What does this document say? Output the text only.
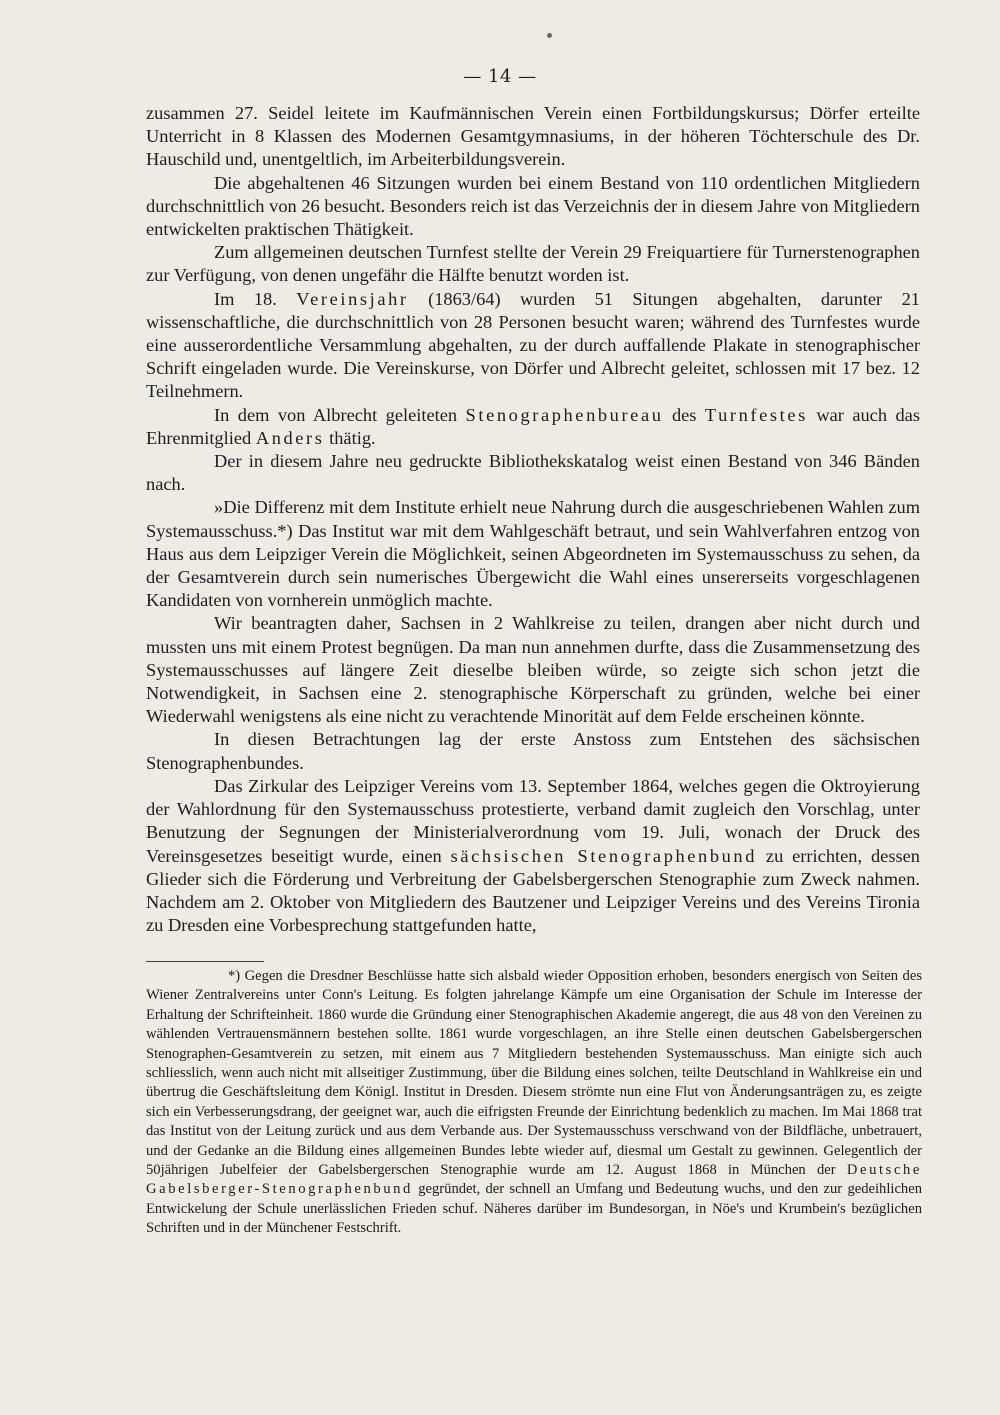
— 14 —

zusammen 27. Seidel leitete im Kaufmännischen Verein einen Fortbildungskursus; Dörfer erteilte Unterricht in 8 Klassen des Modernen Gesamtgymnasiums, in der höheren Töchterschule des Dr. Hauschild und, unentgeltlich, im Arbeiterbildungsverein.

Die abgehaltenen 46 Sitzungen wurden bei einem Bestand von 110 ordentlichen Mitgliedern durchschnittlich von 26 besucht. Besonders reich ist das Verzeichnis der in diesem Jahre von Mitgliedern entwickelten praktischen Thätigkeit.

Zum allgemeinen deutschen Turnfest stellte der Verein 29 Freiquartiere für Turnerstenographen zur Verfügung, von denen ungefähr die Hälfte benutzt worden ist.

Im 18. Vereinsjahr (1863/64) wurden 51 Situngen abgehalten, darunter 21 wissenschaftliche, die durchschnittlich von 28 Personen besucht waren; während des Turnfestes wurde eine ausserordentliche Versammlung abgehalten, zu der durch auffallende Plakate in stenographischer Schrift eingeladen wurde. Die Vereinskurse, von Dörfer und Albrecht geleitet, schlossen mit 17 bez. 12 Teilnehmern.

In dem von Albrecht geleiteten Stenographenbureau des Turnfestes war auch das Ehrenmitglied Anders thätig.

Der in diesem Jahre neu gedruckte Bibliothekskatalog weist einen Bestand von 346 Bänden nach.

»Die Differenz mit dem Institute erhielt neue Nahrung durch die ausgeschriebenen Wahlen zum Systemausschuss.*) Das Institut war mit dem Wahlgeschäft betraut, und sein Wahlverfahren entzog von Haus aus dem Leipziger Verein die Möglichkeit, seinen Abgeordneten im Systemausschuss zu sehen, da der Gesamtverein durch sein numerisches Übergewicht die Wahl eines unsererseits vorgeschlagenen Kandidaten von vornherein unmöglich machte.

Wir beantragten daher, Sachsen in 2 Wahlkreise zu teilen, drangen aber nicht durch und mussten uns mit einem Protest begnügen. Da man nun annehmen durfte, dass die Zusammensetzung des Systemausschusses auf längere Zeit dieselbe bleiben würde, so zeigte sich schon jetzt die Notwendigkeit, in Sachsen eine 2. stenographische Körperschaft zu gründen, welche bei einer Wiederwahl wenigstens als eine nicht zu verachtende Minorität auf dem Felde erscheinen könnte.

In diesen Betrachtungen lag der erste Anstoss zum Entstehen des sächsischen Stenographenbundes.

Das Zirkular des Leipziger Vereins vom 13. September 1864, welches gegen die Oktroyierung der Wahlordnung für den Systemausschuss protestierte, verband damit zugleich den Vorschlag, unter Benutzung der Segnungen der Ministerialverordnung vom 19. Juli, wonach der Druck des Vereinsgesetzes beseitigt wurde, einen sächsischen Stenographenbund zu errichten, dessen Glieder sich die Förderung und Verbreitung der Gabelsbergerschen Stenographie zum Zweck nahmen. Nachdem am 2. Oktober von Mitgliedern des Bautzener und Leipziger Vereins und des Vereins Tironia zu Dresden eine Vorbesprechung stattgefunden hatte,

*) Gegen die Dresdner Beschlüsse hatte sich alsbald wieder Opposition erhoben, besonders energisch von Seiten des Wiener Zentralvereins unter Conn's Leitung. Es folgten jahrelange Kämpfe um eine Organisation der Schule im Interesse der Erhaltung der Schrifteinheit. 1860 wurde die Gründung einer Stenographischen Akademie angeregt, die aus 48 von den Vereinen zu wählenden Vertrauensmännern bestehen sollte. 1861 wurde vorgeschlagen, an ihre Stelle einen deutschen Gabelsbergerschen Stenographen-Gesamtverein zu setzen, mit einem aus 7 Mitgliedern bestehenden Systemausschuss. Man einigte sich auch schliesslich, wenn auch nicht mit allseitiger Zustimmung, über die Bildung eines solchen, teilte Deutschland in Wahlkreise ein und übertrug die Geschäftsleitung dem Königl. Institut in Dresden. Diesem strömte nun eine Flut von Änderungsanträgen zu, es zeigte sich ein Verbesserungsdrang, der geeignet war, auch die eifrigsten Freunde der Einrichtung bedenklich zu machen. Im Mai 1868 trat das Institut von der Leitung zurück und aus dem Verbande aus. Der Systemausschuss verschwand von der Bildfläche, unbetrauert, und der Gedanke an die Bildung eines allgemeinen Bundes lebte wieder auf, diesmal um Gestalt zu gewinnen. Gelegentlich der 50jährigen Jubelfeier der Gabelsbergerschen Stenographie wurde am 12. August 1868 in München der Deutsche Gabelsberger-Stenographenbund gegründet, der schnell an Umfang und Bedeutung wuchs, und den zur gedeihlichen Entwickelung der Schule unerlässlichen Frieden schuf. Näheres darüber im Bundesorgan, in Nöe's und Krumbein's bezüglichen Schriften und in der Münchener Festschrift.
